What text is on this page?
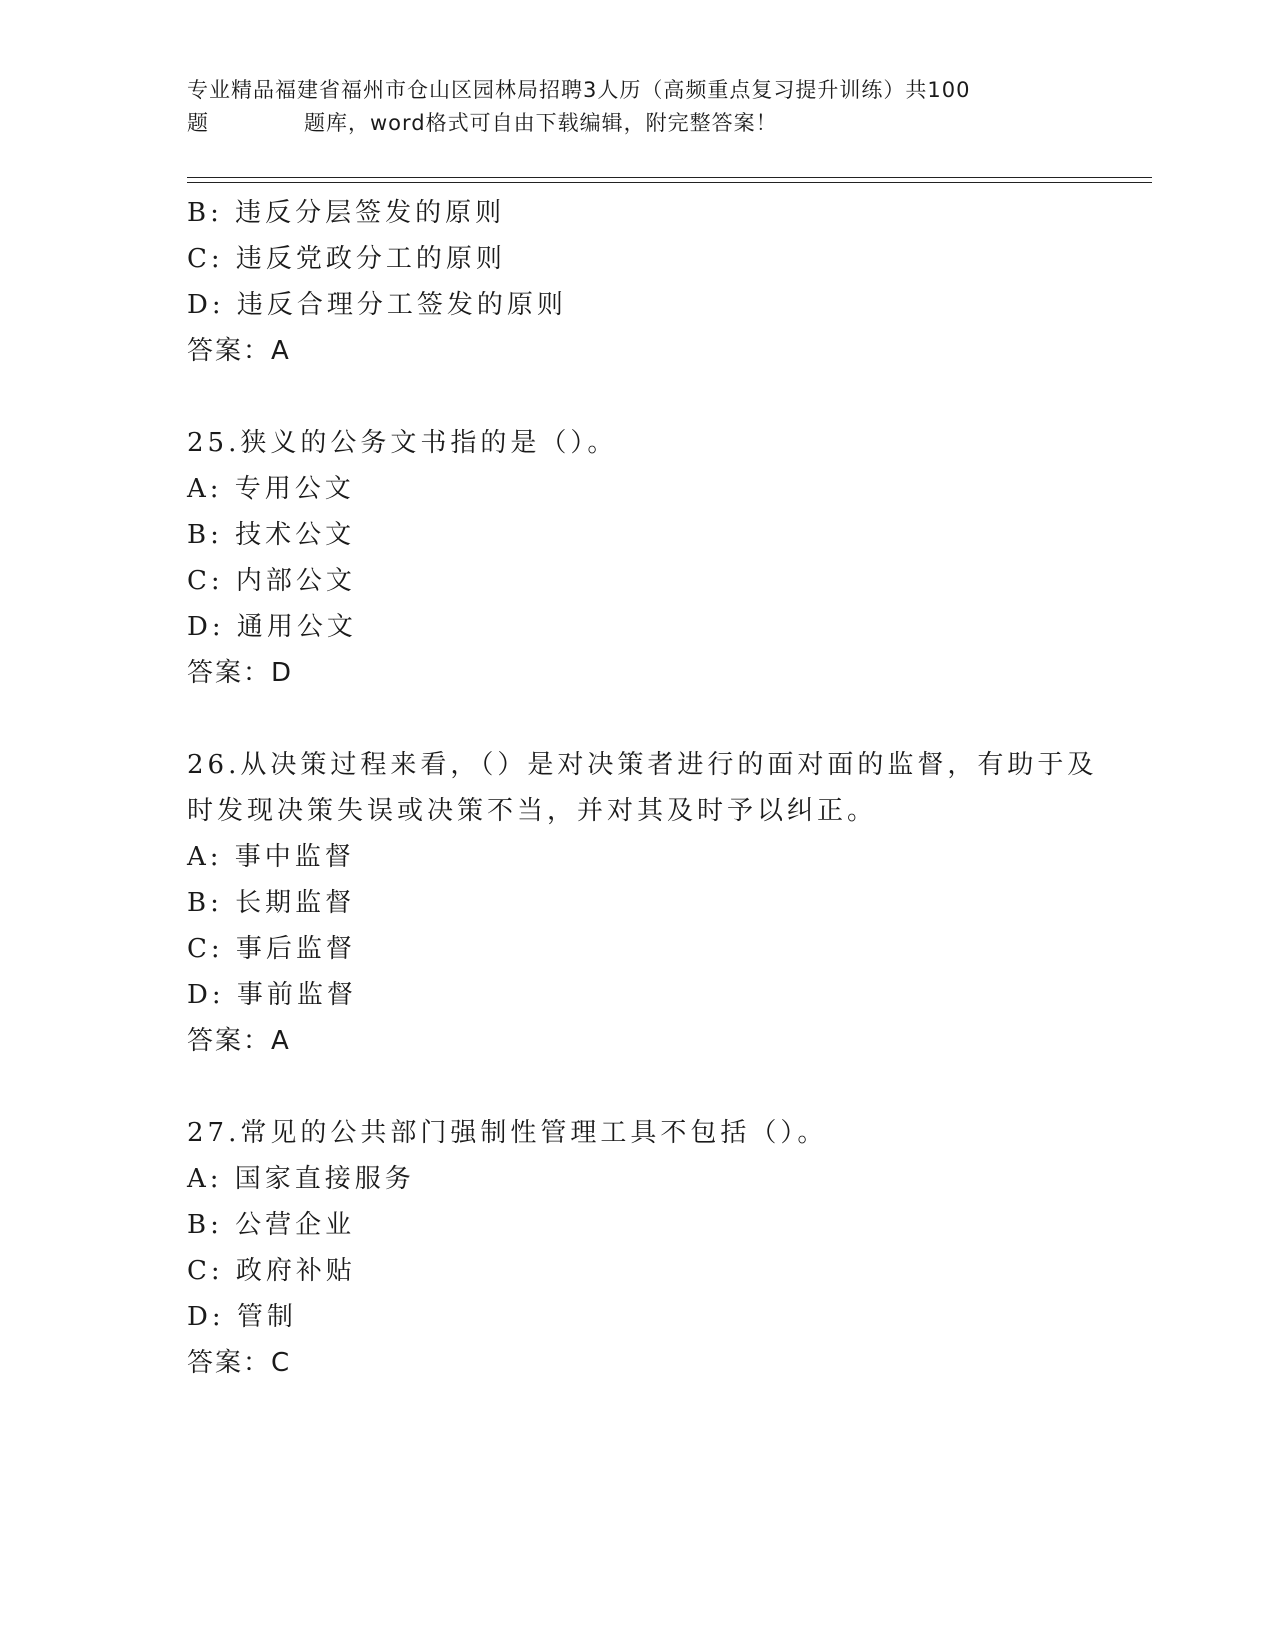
专业精品福建省福州市仓山区园林局招聘3人历（高频重点复习提升训练）共100
题	题库，word格式可自由下载编辑，附完整答案！
B: 违反分层签发的原则
C: 违反党政分工的原则
D: 违反合理分工签发的原则
答案：A
25.狭义的公务文书指的是（）。
A: 专用公文
B: 技术公文
C: 内部公文
D: 通用公文
答案：D
26.从决策过程来看，（）是对决策者进行的面对面的监督，有助于及
时发现决策失误或决策不当，并对其及时予以纠正。
A: 事中监督
B: 长期监督
C: 事后监督
D: 事前监督
答案：A
27.常见的公共部门强制性管理工具不包括（）。
A: 国家直接服务
B: 公营企业
C: 政府补贴
D: 管制
答案：C
